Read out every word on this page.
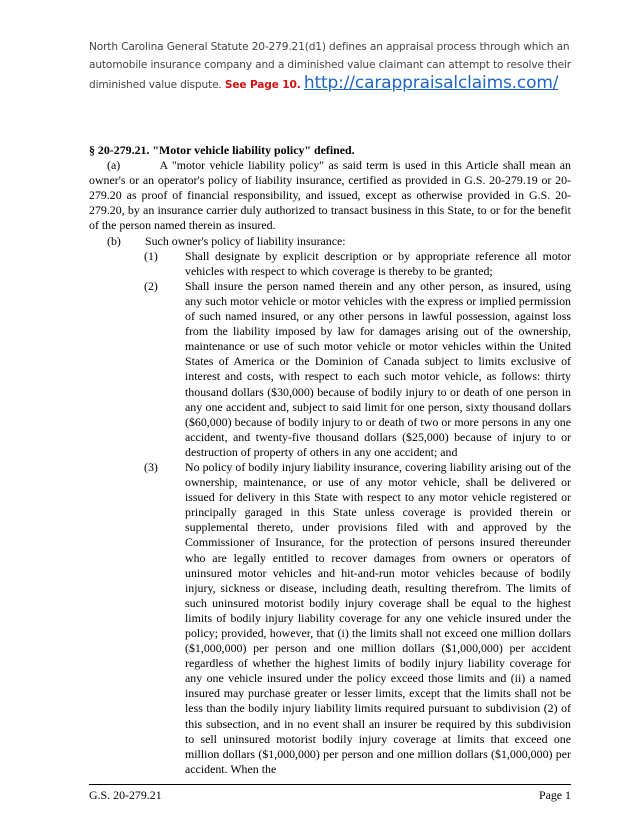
North Carolina General Statute 20-279.21(d1) defines an appraisal process through which an automobile insurance company and a diminished value claimant can attempt to resolve their diminished value dispute. See Page 10. http://carappraisalclaims.com/

§ 20-279.21. "Motor vehicle liability policy" defined.

(a)	A "motor vehicle liability policy" as said term is used in this Article shall mean an owner's or an operator's policy of liability insurance, certified as provided in G.S. 20-279.19 or 20-279.20 as proof of financial responsibility, and issued, except as otherwise provided in G.S. 20-279.20, by an insurance carrier duly authorized to transact business in this State, to or for the benefit of the person named therein as insured.

(b)	Such owner's policy of liability insurance:
(1)	Shall designate by explicit description or by appropriate reference all motor vehicles with respect to which coverage is thereby to be granted;
(2)	Shall insure the person named therein and any other person, as insured, using any such motor vehicle or motor vehicles with the express or implied permission of such named insured, or any other persons in lawful possession, against loss from the liability imposed by law for damages arising out of the ownership, maintenance or use of such motor vehicle or motor vehicles within the United States of America or the Dominion of Canada subject to limits exclusive of interest and costs, with respect to each such motor vehicle, as follows: thirty thousand dollars ($30,000) because of bodily injury to or death of one person in any one accident and, subject to said limit for one person, sixty thousand dollars ($60,000) because of bodily injury to or death of two or more persons in any one accident, and twenty-five thousand dollars ($25,000) because of injury to or destruction of property of others in any one accident; and
(3)	No policy of bodily injury liability insurance, covering liability arising out of the ownership, maintenance, or use of any motor vehicle, shall be delivered or issued for delivery in this State with respect to any motor vehicle registered or principally garaged in this State unless coverage is provided therein or supplemental thereto, under provisions filed with and approved by the Commissioner of Insurance, for the protection of persons insured thereunder who are legally entitled to recover damages from owners or operators of uninsured motor vehicles and hit-and-run motor vehicles because of bodily injury, sickness or disease, including death, resulting therefrom. The limits of such uninsured motorist bodily injury coverage shall be equal to the highest limits of bodily injury liability coverage for any one vehicle insured under the policy; provided, however, that (i) the limits shall not exceed one million dollars ($1,000,000) per person and one million dollars ($1,000,000) per accident regardless of whether the highest limits of bodily injury liability coverage for any one vehicle insured under the policy exceed those limits and (ii) a named insured may purchase greater or lesser limits, except that the limits shall not be less than the bodily injury liability limits required pursuant to subdivision (2) of this subsection, and in no event shall an insurer be required by this subdivision to sell uninsured motorist bodily injury coverage at limits that exceed one million dollars ($1,000,000) per person and one million dollars ($1,000,000) per accident. When the
G.S. 20-279.21	Page 1
